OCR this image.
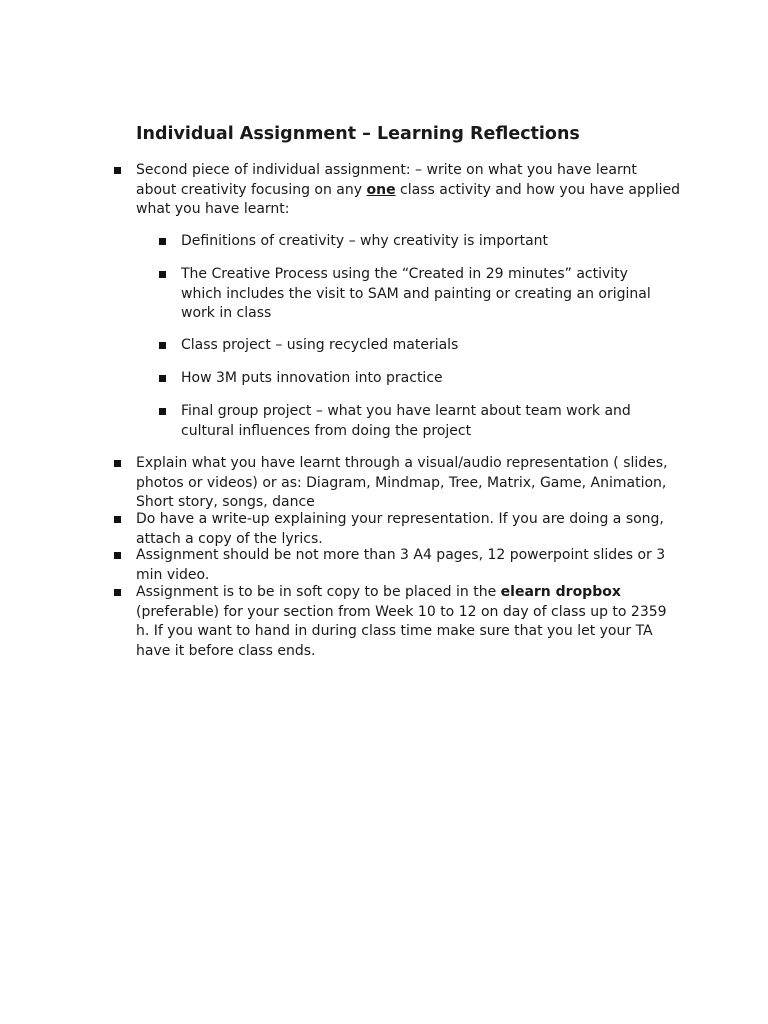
Individual Assignment – Learning Reflections
Second piece of individual assignment: – write on what you have learnt about creativity focusing on any one class activity and how you have applied what you have learnt:
Definitions of creativity – why creativity is important
The Creative Process using the “Created in 29 minutes” activity which includes the visit to SAM and painting or creating an original work in class
Class project – using recycled materials
How 3M puts innovation into practice
Final group project – what you have learnt about team work and cultural influences from doing the project
Explain what you have learnt through a visual/audio representation ( slides, photos or videos) or as: Diagram, Mindmap, Tree, Matrix, Game, Animation, Short story, songs, dance
Do have a write-up explaining your representation. If you are doing a song, attach a copy of the lyrics.
Assignment should be not more than 3 A4 pages, 12 powerpoint slides or 3 min video.
Assignment is to be in soft copy to be placed in the elearn dropbox (preferable) for your section from Week 10 to 12 on day of class up to 2359 h. If you want to hand in during class time make sure that you let your TA have it before class ends.
